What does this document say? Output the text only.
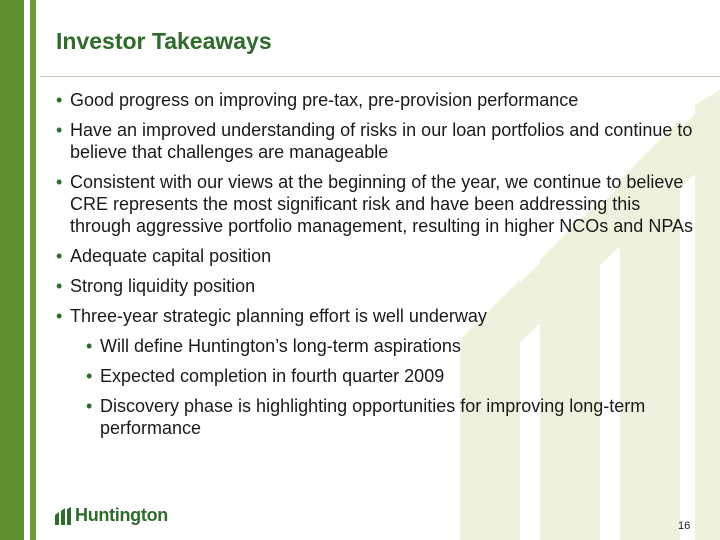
Investor Takeaways
• Good progress on improving pre-tax, pre-provision performance
• Have an improved understanding of risks in our loan portfolios and continue to believe that challenges are manageable
• Consistent with our views at the beginning of the year, we continue to believe CRE represents the most significant risk and have been addressing this through aggressive portfolio management, resulting in higher NCOs and NPAs
• Adequate capital position
• Strong liquidity position
• Three-year strategic planning effort is well underway
• Will define Huntington’s long-term aspirations
• Expected completion in fourth quarter 2009
• Discovery phase is highlighting opportunities for improving long-term performance
Huntington
16
